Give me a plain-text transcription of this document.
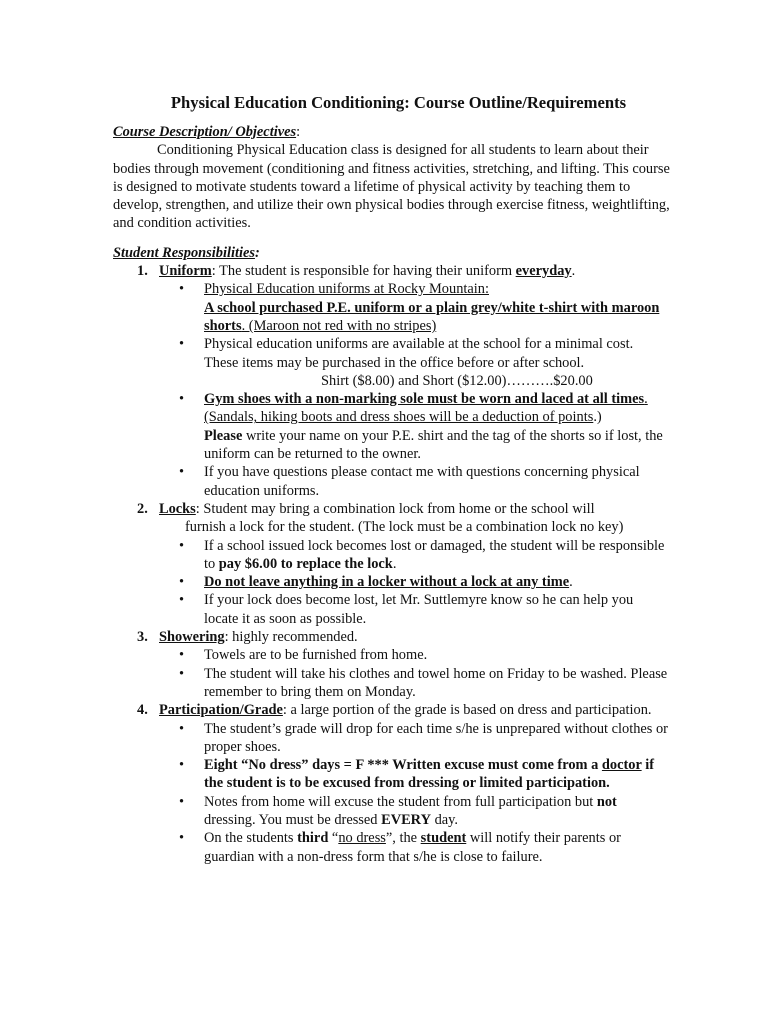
Physical Education Conditioning: Course Outline/Requirements

Course Description/ Objectives:

Conditioning Physical Education class is designed for all students to learn about their bodies through movement (conditioning and fitness activities, stretching, and lifting. This course is designed to motivate students toward a lifetime of physical activity by teaching them to develop, strengthen, and utilize their own physical bodies through exercise fitness, weightlifting, and condition activities.

Student Responsibilities:

1. Uniform: The student is responsible for having their uniform everyday.
• Physical Education uniforms at Rocky Mountain:
A school purchased P.E. uniform or a plain grey/white t-shirt with maroon shorts. (Maroon not red with no stripes)
• Physical education uniforms are available at the school for a minimal cost. These items may be purchased in the office before or after school.
Shirt ($8.00) and Short ($12.00)……….$20.00
• Gym shoes with a non-marking sole must be worn and laced at all times.
(Sandals, hiking boots and dress shoes will be a deduction of points.)
Please write your name on your P.E. shirt and the tag of the shorts so if lost, the uniform can be returned to the owner.
• If you have questions please contact me with questions concerning physical education uniforms.
2. Locks: Student may bring a combination lock from home or the school will
furnish a lock for the student. (The lock must be a combination lock no key)
• If a school issued lock becomes lost or damaged, the student will be responsible to pay $6.00 to replace the lock.
• Do not leave anything in a locker without a lock at any time.
• If your lock does become lost, let Mr. Suttlemyre know so he can help you locate it as soon as possible.
3. Showering: highly recommended.
• Towels are to be furnished from home.
• The student will take his clothes and towel home on Friday to be washed. Please remember to bring them on Monday.
4. Participation/Grade: a large portion of the grade is based on dress and participation.
• The student’s grade will drop for each time s/he is unprepared without clothes or proper shoes.
• Eight “No dress” days = F *** Written excuse must come from a doctor if the student is to be excused from dressing or limited participation.
• Notes from home will excuse the student from full participation but not dressing. You must be dressed EVERY day.
• On the students third “no dress”, the student will notify their parents or guardian with a non-dress form that s/he is close to failure.
